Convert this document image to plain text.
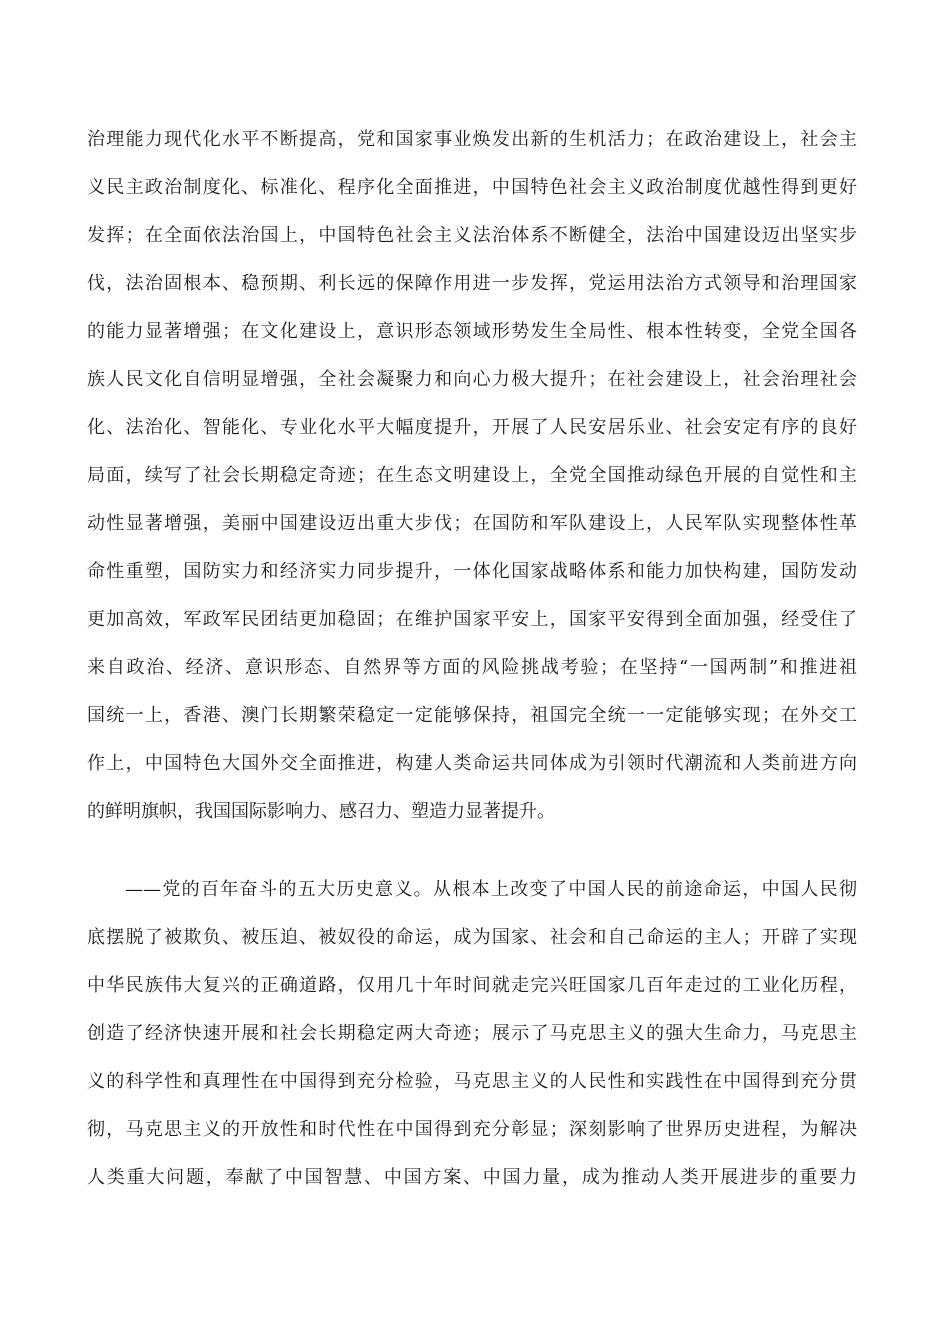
治理能力现代化水平不断提高，党和国家事业焕发出新的生机活力；在政治建设上，社会主
义民主政治制度化、标准化、程序化全面推进，中国特色社会主义政治制度优越性得到更好
发挥；在全面依法治国上，中国特色社会主义法治体系不断健全，法治中国建设迈出坚实步
伐，法治固根本、稳预期、利长远的保障作用进一步发挥，党运用法治方式领导和治理国家
的能力显著增强；在文化建设上，意识形态领域形势发生全局性、根本性转变，全党全国各
族人民文化自信明显增强，全社会凝聚力和向心力极大提升；在社会建设上，社会治理社会
化、法治化、智能化、专业化水平大幅度提升，开展了人民安居乐业、社会安定有序的良好
局面，续写了社会长期稳定奇迹；在生态文明建设上，全党全国推动绿色开展的自觉性和主
动性显著增强，美丽中国建设迈出重大步伐；在国防和军队建设上，人民军队实现整体性革
命性重塑，国防实力和经济实力同步提升，一体化国家战略体系和能力加快构建，国防发动
更加高效，军政军民团结更加稳固；在维护国家平安上，国家平安得到全面加强，经受住了
来自政治、经济、意识形态、自然界等方面的风险挑战考验；在坚持“一国两制”和推进祖
国统一上，香港、澳门长期繁荣稳定一定能够保持，祖国完全统一一定能够实现；在外交工
作上，中国特色大国外交全面推进，构建人类命运共同体成为引领时代潮流和人类前进方向
的鲜明旗帜，我国国际影响力、感召力、塑造力显著提升。
——党的百年奋斗的五大历史意义。从根本上改变了中国人民的前途命运，中国人民彻
底摆脱了被欺负、被压迫、被奴役的命运，成为国家、社会和自己命运的主人；开辟了实现
中华民族伟大复兴的正确道路，仅用几十年时间就走完兴旺国家几百年走过的工业化历程，
创造了经济快速开展和社会长期稳定两大奇迹；展示了马克思主义的强大生命力，马克思主
义的科学性和真理性在中国得到充分检验，马克思主义的人民性和实践性在中国得到充分贯
彻，马克思主义的开放性和时代性在中国得到充分彰显；深刻影响了世界历史进程，为解决
人类重大问题，奉献了中国智慧、中国方案、中国力量，成为推动人类开展进步的重要力
